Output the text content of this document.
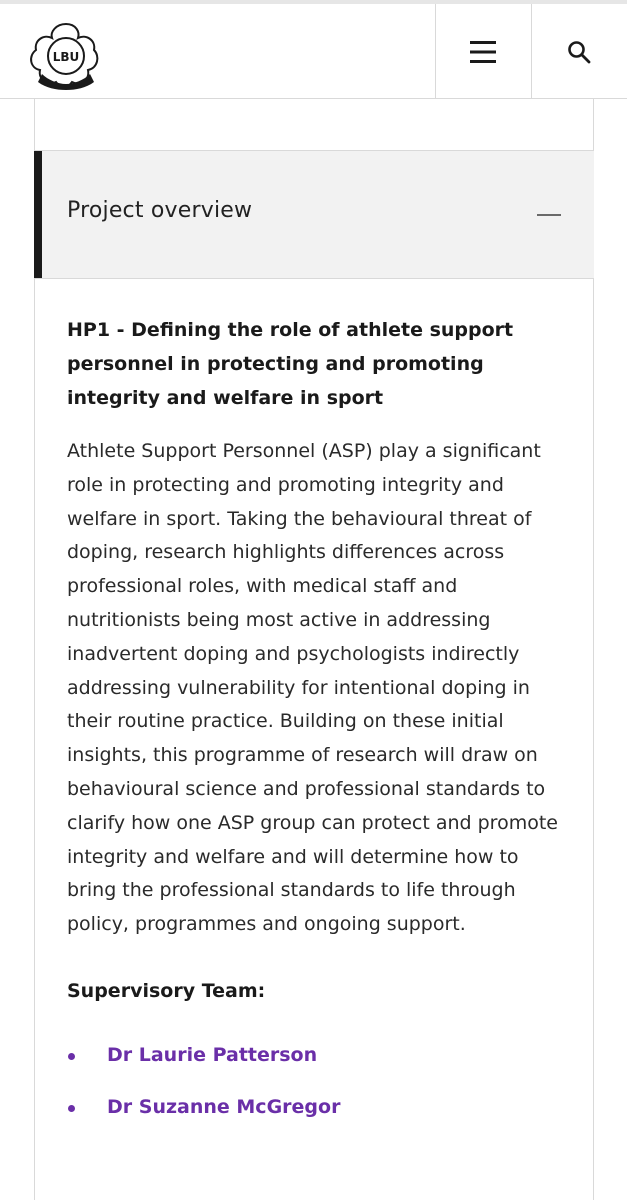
LBU
Project overview
HP1 - Defining the role of athlete support personnel in protecting and promoting integrity and welfare in sport

Athlete Support Personnel (ASP) play a significant role in protecting and promoting integrity and welfare in sport. Taking the behavioural threat of doping, research highlights differences across professional roles, with medical staff and nutritionists being most active in addressing inadvertent doping and psychologists indirectly addressing vulnerability for intentional doping in their routine practice. Building on these initial insights, this programme of research will draw on behavioural science and professional standards to clarify how one ASP group can protect and promote integrity and welfare and will determine how to bring the professional standards to life through policy, programmes and ongoing support.

Supervisory Team:
Dr Laurie Patterson
Dr Suzanne McGregor
